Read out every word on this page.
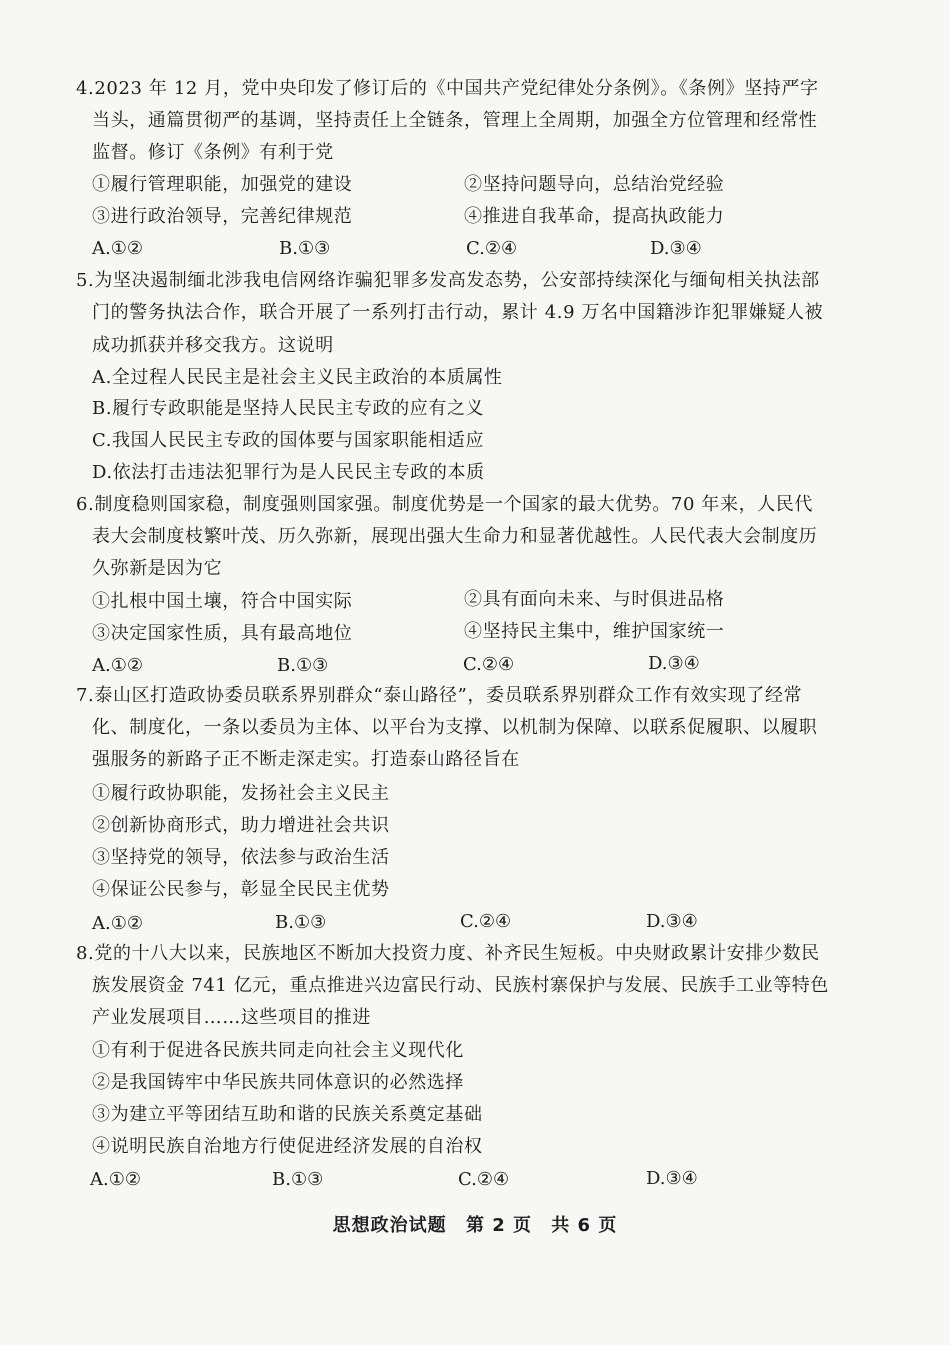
4.2023 年 12 月，党中央印发了修订后的《中国共产党纪律处分条例》。《条例》坚持严字
当头，通篇贯彻严的基调，坚持责任上全链条，管理上全周期，加强全方位管理和经常性
监督。修订《条例》有利于党
①履行管理职能，加强党的建设	②坚持问题导向，总结治党经验
③进行政治领导，完善纪律规范	④推进自我革命，提高执政能力
A.①②	B.①③	C.②④	D.③④
5.为坚决遏制缅北涉我电信网络诈骗犯罪多发高发态势，公安部持续深化与缅甸相关执法部
门的警务执法合作，联合开展了一系列打击行动，累计 4.9 万名中国籍涉诈犯罪嫌疑人被
成功抓获并移交我方。这说明
A.全过程人民民主是社会主义民主政治的本质属性
B.履行专政职能是坚持人民民主专政的应有之义
C.我国人民民主专政的国体要与国家职能相适应
D.依法打击违法犯罪行为是人民民主专政的本质
6.制度稳则国家稳，制度强则国家强。制度优势是一个国家的最大优势。70 年来，人民代
表大会制度枝繁叶茂、历久弥新，展现出强大生命力和显著优越性。人民代表大会制度历
久弥新是因为它
①扎根中国土壤，符合中国实际	②具有面向未来、与时俱进品格
③决定国家性质，具有最高地位	④坚持民主集中，维护国家统一
A.①②	B.①③	C.②④	D.③④
7.泰山区打造政协委员联系界别群众“泰山路径”，委员联系界别群众工作有效实现了经常
化、制度化，一条以委员为主体、以平台为支撑、以机制为保障、以联系促履职、以履职
强服务的新路子正不断走深走实。打造泰山路径旨在
①履行政协职能，发扬社会主义民主
②创新协商形式，助力增进社会共识
③坚持党的领导，依法参与政治生活
④保证公民参与，彰显全民民主优势
A.①②	B.①③	C.②④	D.③④
8.党的十八大以来，民族地区不断加大投资力度、补齐民生短板。中央财政累计安排少数民
族发展资金 741 亿元，重点推进兴边富民行动、民族村寨保护与发展、民族手工业等特色
产业发展项目……这些项目的推进
①有利于促进各民族共同走向社会主义现代化
②是我国铸牢中华民族共同体意识的必然选择
③为建立平等团结互助和谐的民族关系奠定基础
④说明民族自治地方行使促进经济发展的自治权
A.①②	B.①③	C.②④	D.③④
思想政治试题 第 2 页 共 6 页
